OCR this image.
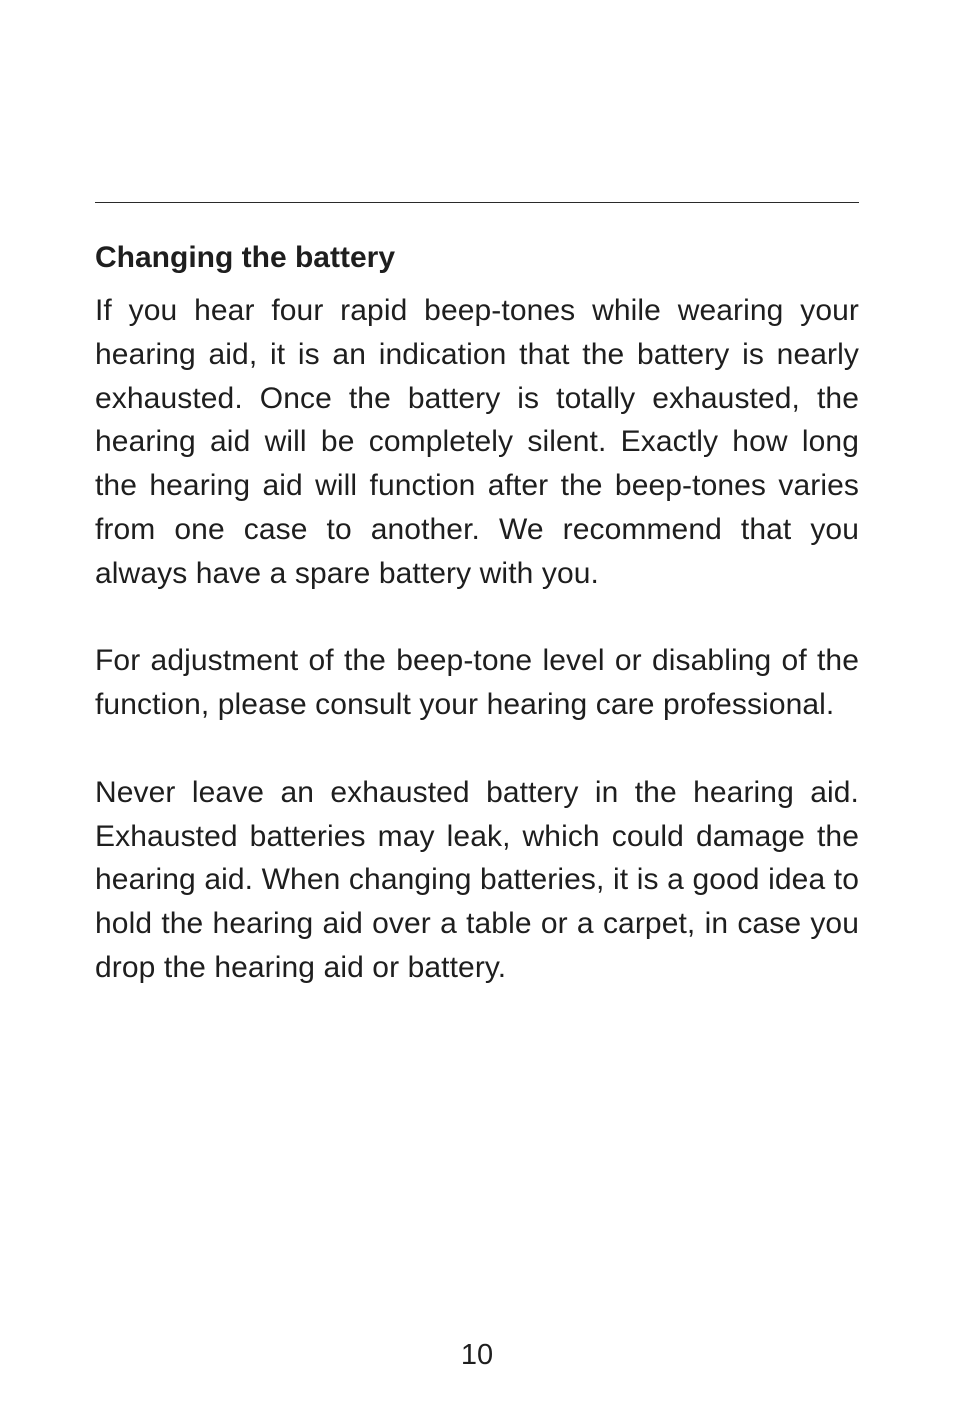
Changing the battery

If you hear four rapid beep-tones while wearing your hearing aid, it is an indication that the battery is nearly exhausted. Once the battery is totally exhausted, the hearing aid will be completely silent. Exactly how long the hearing aid will function after the beep-tones varies from one case to another. We recommend that you always have a spare battery with you.

For adjustment of the beep-tone level or disabling of the function, please consult your hearing care professional.

Never leave an exhausted battery in the hearing aid. Exhausted batteries may leak, which could damage the hearing aid. When changing batteries, it is a good idea to hold the hearing aid over a table or a carpet, in case you drop the hearing aid or battery.

10
